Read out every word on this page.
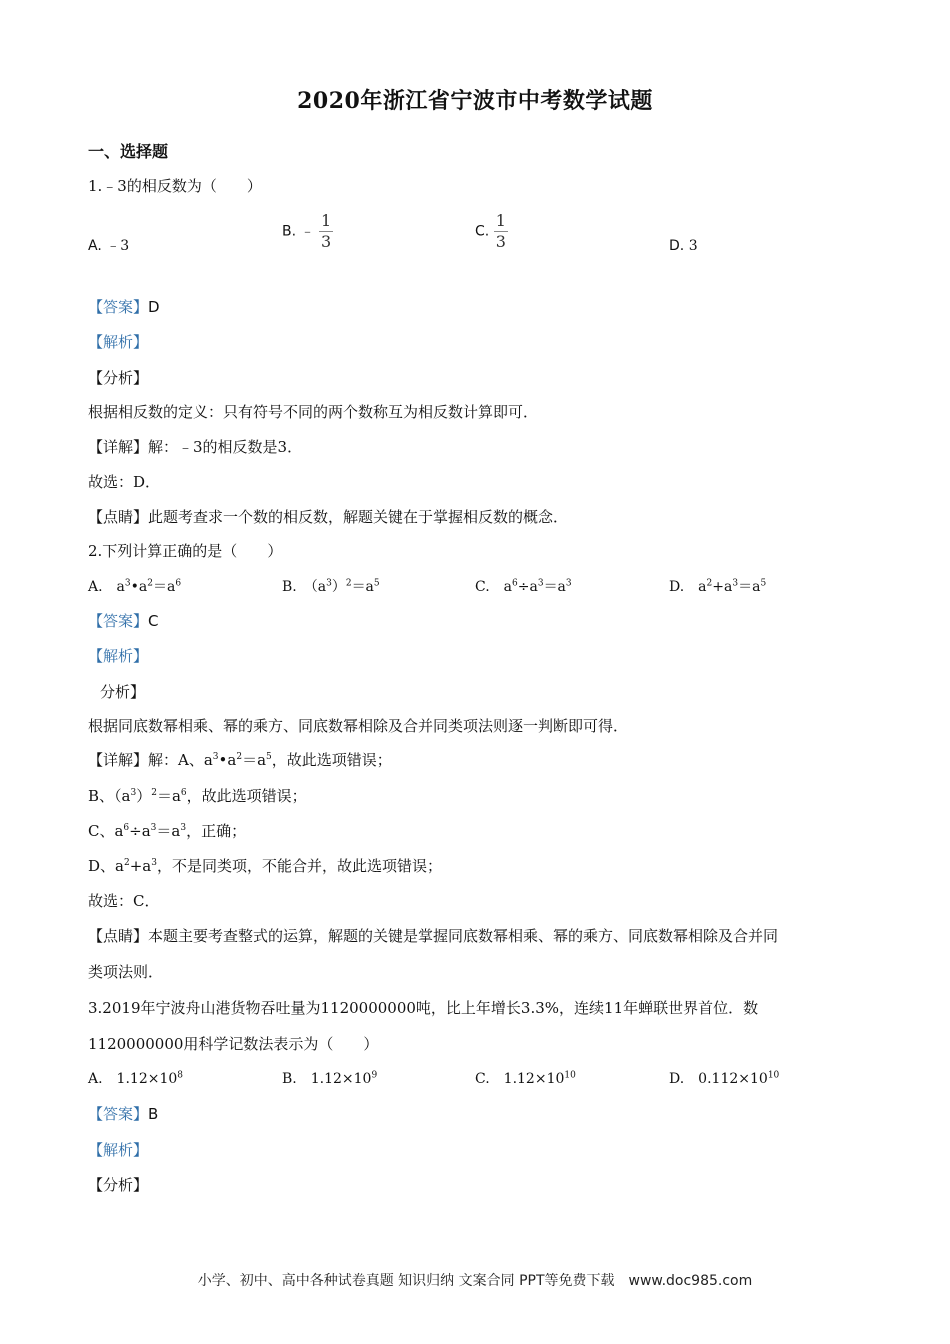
2020年浙江省宁波市中考数学试题
一、选择题
1.﹣3的相反数为（　　）
A. ﹣3
B. ﹣ $\frac{1}{3}$	C. $\frac{1}{3}$	D. 3
【答案】D
【解析】
【分析】
根据相反数的定义：只有符号不同的两个数称互为相反数计算即可．
【详解】解：﹣3的相反数是3．
故选：D．
【点睛】此题考查求一个数的相反数，解题关键在于掌握相反数的概念．
2.下列计算正确的是（　　）
A.　$a^3•a^2=a^6$	B.　$(a^3)^2=a^5$	C.　$a^6\div a^3=a^3$	D.　$a^2+a^3=a^5$
【答案】C
【解析】
分析】
根据同底数幂相乘、幂的乘方、同底数幂相除及合并同类项法则逐一判断即可得．
【详解】解：A、$a^3•a^2=a^5$，故此选项错误；
B、$(a^3)^2=a^6$，故此选项错误；
C、$a^6\div a^3=a^3$，正确；
D、$a^2+a^3$，不是同类项，不能合并，故此选项错误；
故选：C．
【点睛】本题主要考查整式的运算，解题的关键是掌握同底数幂相乘、幂的乘方、同底数幂相除及合并同
类项法则．
3.2019年宁波舟山港货物吞吐量为1120000000吨，比上年增长3.3%，连续11年蝉联世界首位．数
1120000000用科学记数法表示为（　　）
A.　$1.12\times 10^8$	B.　$1.12\times 10^9$	C.　$1.12\times 10^{10}$	D.　$0.112\times 10^{10}$
【答案】B
【解析】
【分析】
小学、初中、高中各种试卷真题 知识归纳 文案合同 PPT等免费下载　www.doc985.com
